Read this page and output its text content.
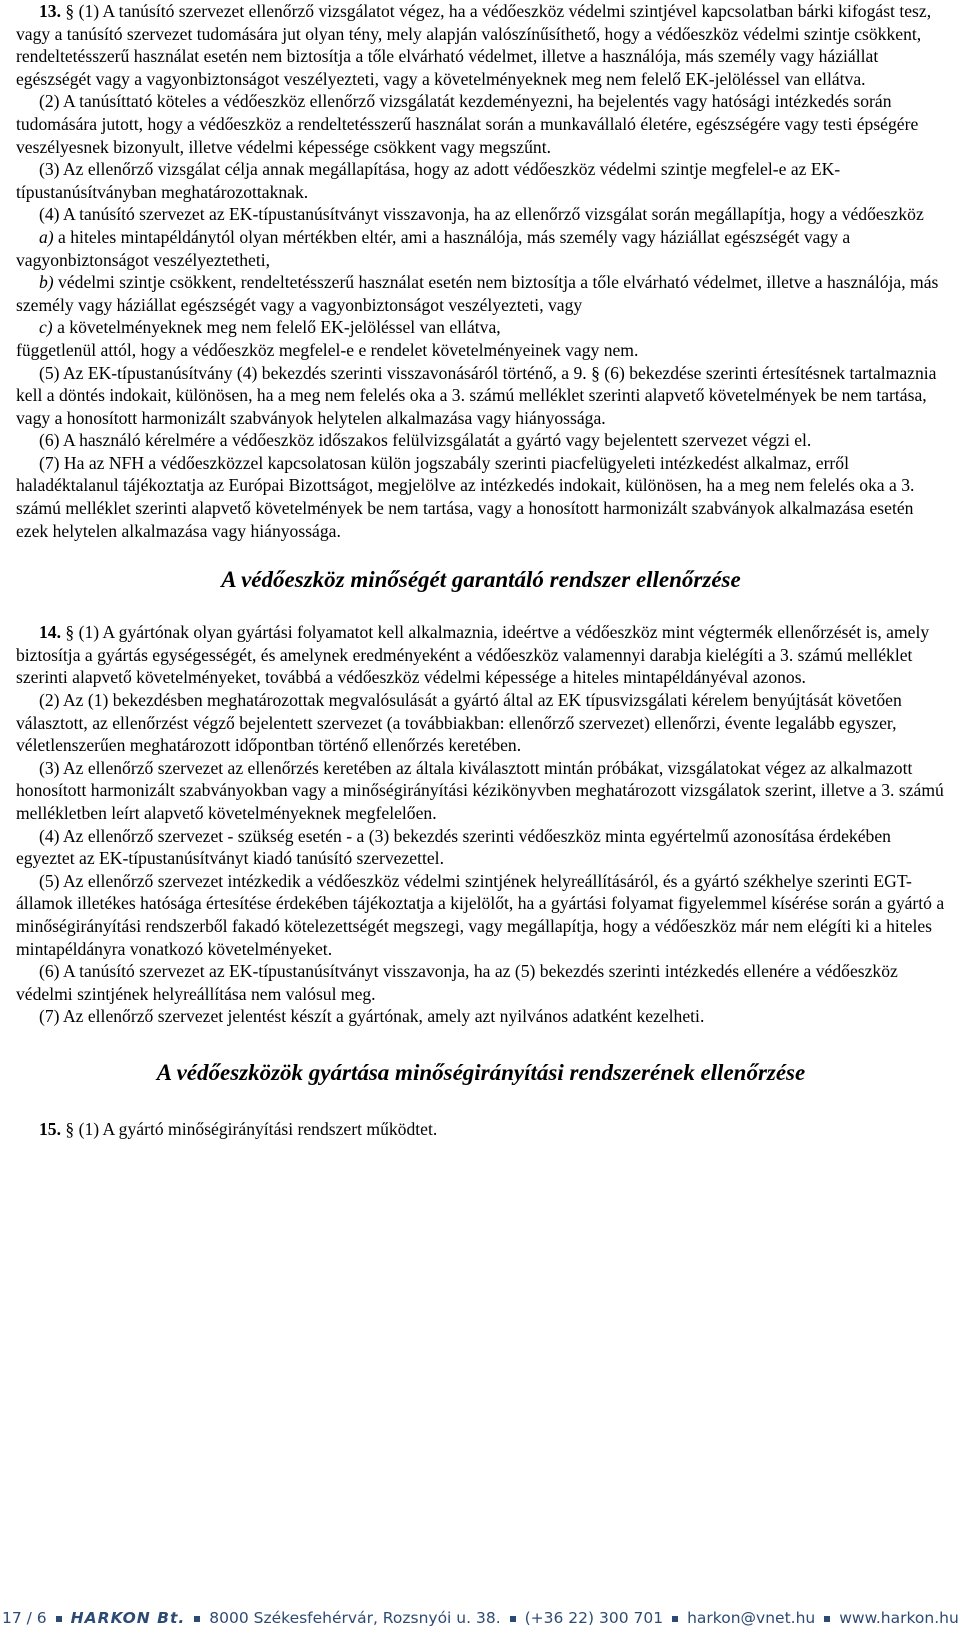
13. § (1) A tanúsító szervezet ellenőrző vizsgálatot végez, ha a védőeszköz védelmi szintjével kapcsolatban bárki kifogást tesz, vagy a tanúsító szervezet tudomására jut olyan tény, mely alapján valószínűsíthető, hogy a védőeszköz védelmi szintje csökkent, rendeltetésszerű használat esetén nem biztosítja a tőle elvárható védelmet, illetve a használója, más személy vagy háziállat egészségét vagy a vagyonbiztonságot veszélyezteti, vagy a követelményeknek meg nem felelő EK-jelöléssel van ellátva.

(2) A tanúsíttató köteles a védőeszköz ellenőrző vizsgálatát kezdeményezni, ha bejelentés vagy hatósági intézkedés során tudomására jutott, hogy a védőeszköz a rendeltetésszerű használat során a munkavállaló életére, egészségére vagy testi épségére veszélyesnek bizonyult, illetve védelmi képessége csökkent vagy megszűnt.

(3) Az ellenőrző vizsgálat célja annak megállapítása, hogy az adott védőeszköz védelmi szintje megfelel-e az EK-típustanúsítványban meghatározottaknak.

(4) A tanúsító szervezet az EK-típustanúsítványt visszavonja, ha az ellenőrző vizsgálat során megállapítja, hogy a védőeszköz

a) a hiteles mintapéldánytól olyan mértékben eltér, ami a használója, más személy vagy háziállat egészségét vagy a vagyonbiztonságot veszélyeztetheti,

b) védelmi szintje csökkent, rendeltetésszerű használat esetén nem biztosítja a tőle elvárható védelmet, illetve a használója, más személy vagy háziállat egészségét vagy a vagyonbiztonságot veszélyezteti, vagy

c) a követelményeknek meg nem felelő EK-jelöléssel van ellátva,

függetlenül attól, hogy a védőeszköz megfelel-e e rendelet követelményeinek vagy nem.

(5) Az EK-típustanúsítvány (4) bekezdés szerinti visszavonásáról történő, a 9. § (6) bekezdése szerinti értesítésnek tartalmaznia kell a döntés indokait, különösen, ha a meg nem felelés oka a 3. számú melléklet szerinti alapvető követelmények be nem tartása, vagy a honosított harmonizált szabványok helytelen alkalmazása vagy hiányossága.

(6) A használó kérelmére a védőeszköz időszakos felülvizsgálatát a gyártó vagy bejelentett szervezet végzi el.

(7) Ha az NFH a védőeszközzel kapcsolatosan külön jogszabály szerinti piacfelügyeleti intézkedést alkalmaz, erről haladéktalanul tájékoztatja az Európai Bizottságot, megjelölve az intézkedés indokait, különösen, ha a meg nem felelés oka a 3. számú melléklet szerinti alapvető követelmények be nem tartása, vagy a honosított harmonizált szabványok alkalmazása esetén ezek helytelen alkalmazása vagy hiányossága.

A védőeszköz minőségét garantáló rendszer ellenőrzése

14. § (1) A gyártónak olyan gyártási folyamatot kell alkalmaznia, ideértve a védőeszköz mint végtermék ellenőrzését is, amely biztosítja a gyártás egységességét, és amelynek eredményeként a védőeszköz valamennyi darabja kielégíti a 3. számú melléklet szerinti alapvető követelményeket, továbbá a védőeszköz védelmi képessége a hiteles mintapéldányéval azonos.

(2) Az (1) bekezdésben meghatározottak megvalósulását a gyártó által az EK típusvizsgálati kérelem benyújtását követően választott, az ellenőrzést végző bejelentett szervezet (a továbbiakban: ellenőrző szervezet) ellenőrzi, évente legalább egyszer, véletlenszerűen meghatározott időpontban történő ellenőrzés keretében.

(3) Az ellenőrző szervezet az ellenőrzés keretében az általa kiválasztott mintán próbákat, vizsgálatokat végez az alkalmazott honosított harmonizált szabványokban vagy a minőségirányítási kézikönyvben meghatározott vizsgálatok szerint, illetve a 3. számú mellékletben leírt alapvető követelményeknek megfelelően.

(4) Az ellenőrző szervezet - szükség esetén - a (3) bekezdés szerinti védőeszköz minta egyértelmű azonosítása érdekében egyeztet az EK-típustanúsítványt kiadó tanúsító szervezettel.

(5) Az ellenőrző szervezet intézkedik a védőeszköz védelmi szintjének helyreállításáról, és a gyártó székhelye szerinti EGT-államok illetékes hatósága értesítése érdekében tájékoztatja a kijelölőt, ha a gyártási folyamat figyelemmel kísérése során a gyártó a minőségirányítási rendszerből fakadó kötelezettségét megszegi, vagy megállapítja, hogy a védőeszköz már nem elégíti ki a hiteles mintapéldányra vonatkozó követelményeket.

(6) A tanúsító szervezet az EK-típustanúsítványt visszavonja, ha az (5) bekezdés szerinti intézkedés ellenére a védőeszköz védelmi szintjének helyreállítása nem valósul meg.

(7) Az ellenőrző szervezet jelentést készít a gyártónak, amely azt nyilvános adatként kezelheti.

A védőeszközök gyártása minőségirányítási rendszerének ellenőrzése

15. § (1) A gyártó minőségirányítási rendszert működtet.

17 / 6 HARKON Bt. 8000 Székesfehérvár, Rozsnyói u. 38. (+36 22) 300 701 harkon@vnet.hu www.harkon.hu
